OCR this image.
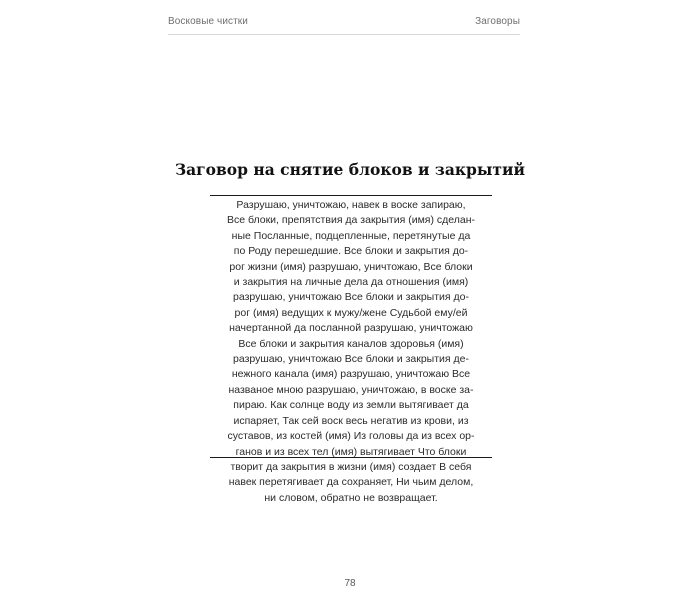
Восковые чистки	Заговоры
Заговор на снятие блоков и закрытий
Разрушаю, уничтожаю, навек в воске запираю,
Все блоки, препятствия да закрытия (имя) сделан-
ные Посланные, подцепленные, перетянутые да
по Роду перешедшие. Все блоки и закрытия до-
рог жизни (имя) разрушаю, уничтожаю, Все блоки
и закрытия на личные дела да отношения (имя)
разрушаю, уничтожаю Все блоки и закрытия до-
рог (имя) ведущих к мужу/жене Судьбой ему/ей
начертанной да посланной разрушаю, уничтожаю
Все блоки и закрытия каналов здоровья (имя)
разрушаю, уничтожаю Все блоки и закрытия де-
нежного канала (имя) разрушаю, уничтожаю Все
названое мною разрушаю, уничтожаю, в воске за-
пираю. Как солнце воду из земли вытягивает да
испаряет, Так сей воск весь негатив из крови, из
суставов, из костей (имя) Из головы да из всех ор-
ганов и из всех тел (имя) вытягивает Что блоки
творит да закрытия в жизни (имя) создает В себя
навек перетягивает да сохраняет, Ни чьим делом,
ни словом, обратно не возвращает.
78
